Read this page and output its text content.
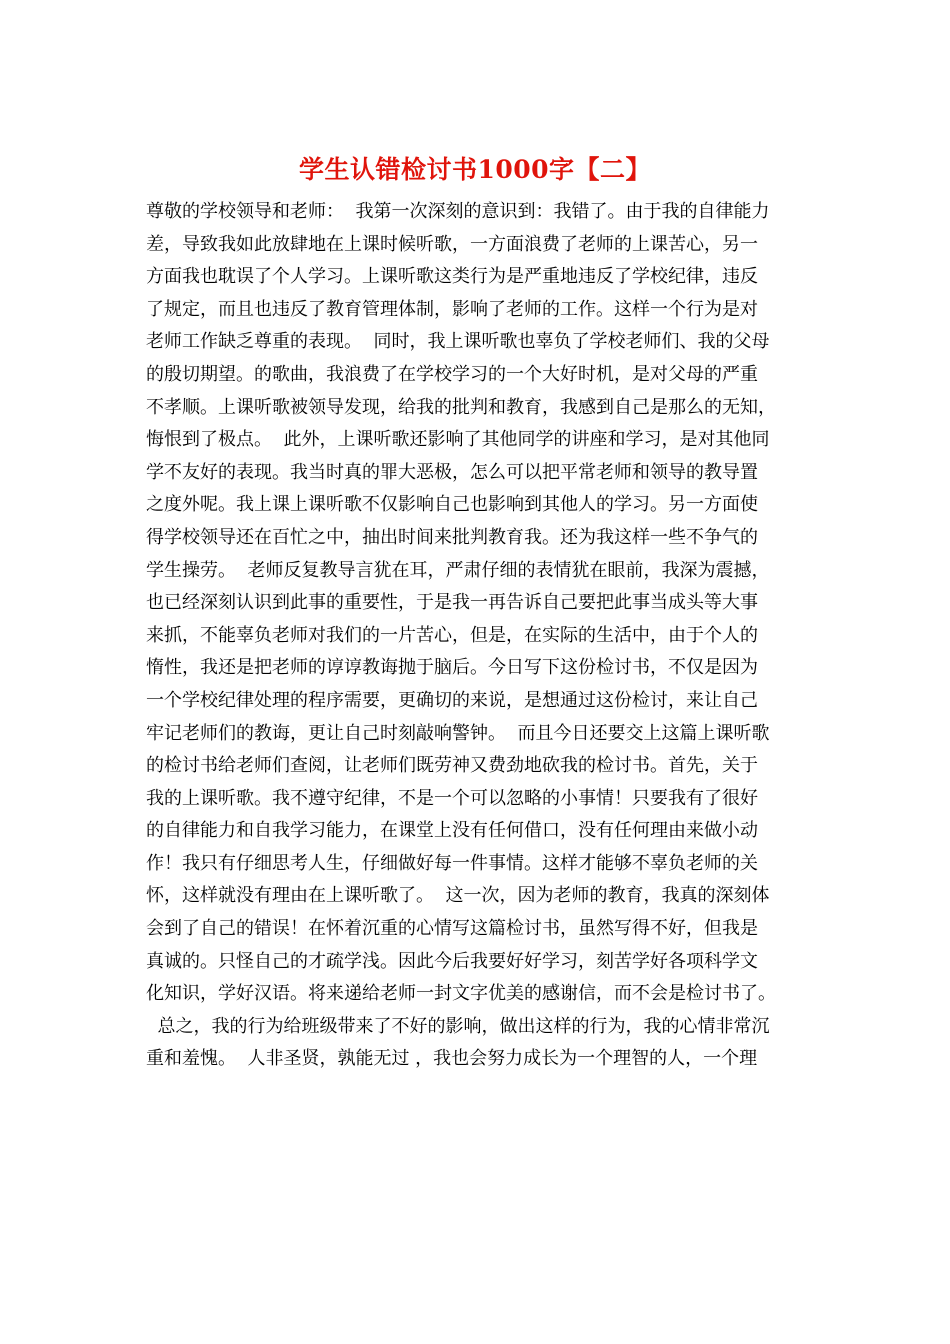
学生认错检讨书1000字【二】
尊敬的学校领导和老师：  我第一次深刻的意识到：我错了。由于我的自律能力
差，导致我如此放肆地在上课时候听歌，一方面浪费了老师的上课苦心，另一
方面我也耽误了个人学习。上课听歌这类行为是严重地违反了学校纪律，违反
了规定，而且也违反了教育管理体制，影响了老师的工作。这样一个行为是对
老师工作缺乏尊重的表现。  同时，我上课听歌也辜负了学校老师们、我的父母
的殷切期望。的歌曲，我浪费了在学校学习的一个大好时机，是对父母的严重
不孝顺。上课听歌被领导发现，给我的批判和教育，我感到自己是那么的无知，
悔恨到了极点。  此外，上课听歌还影响了其他同学的讲座和学习，是对其他同
学不友好的表现。我当时真的罪大恶极，怎么可以把平常老师和领导的教导置
之度外呢。我上课上课听歌不仅影响自己也影响到其他人的学习。另一方面使
得学校领导还在百忙之中，抽出时间来批判教育我。还为我这样一些不争气的
学生操劳。  老师反复教导言犹在耳，严肃仔细的表情犹在眼前，我深为震撼，
也已经深刻认识到此事的重要性，于是我一再告诉自己要把此事当成头等大事
来抓，不能辜负老师对我们的一片苦心，但是，在实际的生活中，由于个人的
惰性，我还是把老师的谆谆教诲抛于脑后。今日写下这份检讨书，不仅是因为
一个学校纪律处理的程序需要，更确切的来说，是想通过这份检讨，来让自己
牢记老师们的教诲，更让自己时刻敲响警钟。  而且今日还要交上这篇上课听歌
的检讨书给老师们查阅，让老师们既劳神又费劲地砍我的检讨书。首先，关于
我的上课听歌。我不遵守纪律，不是一个可以忽略的小事情！只要我有了很好
的自律能力和自我学习能力，在课堂上没有任何借口，没有任何理由来做小动
作！我只有仔细思考人生，仔细做好每一件事情。这样才能够不辜负老师的关
怀，这样就没有理由在上课听歌了。  这一次，因为老师的教育，我真的深刻体
会到了自己的错误！在怀着沉重的心情写这篇检讨书，虽然写得不好，但我是
真诚的。只怪自己的才疏学浅。因此今后我要好好学习，刻苦学好各项科学文
化知识，学好汉语。将来递给老师一封文字优美的感谢信，而不会是检讨书了。
总之，我的行为给班级带来了不好的影响，做出这样的行为，我的心情非常沉
重和羞愧。  人非圣贤，孰能无过 ，我也会努力成长为一个理智的人，一个理
